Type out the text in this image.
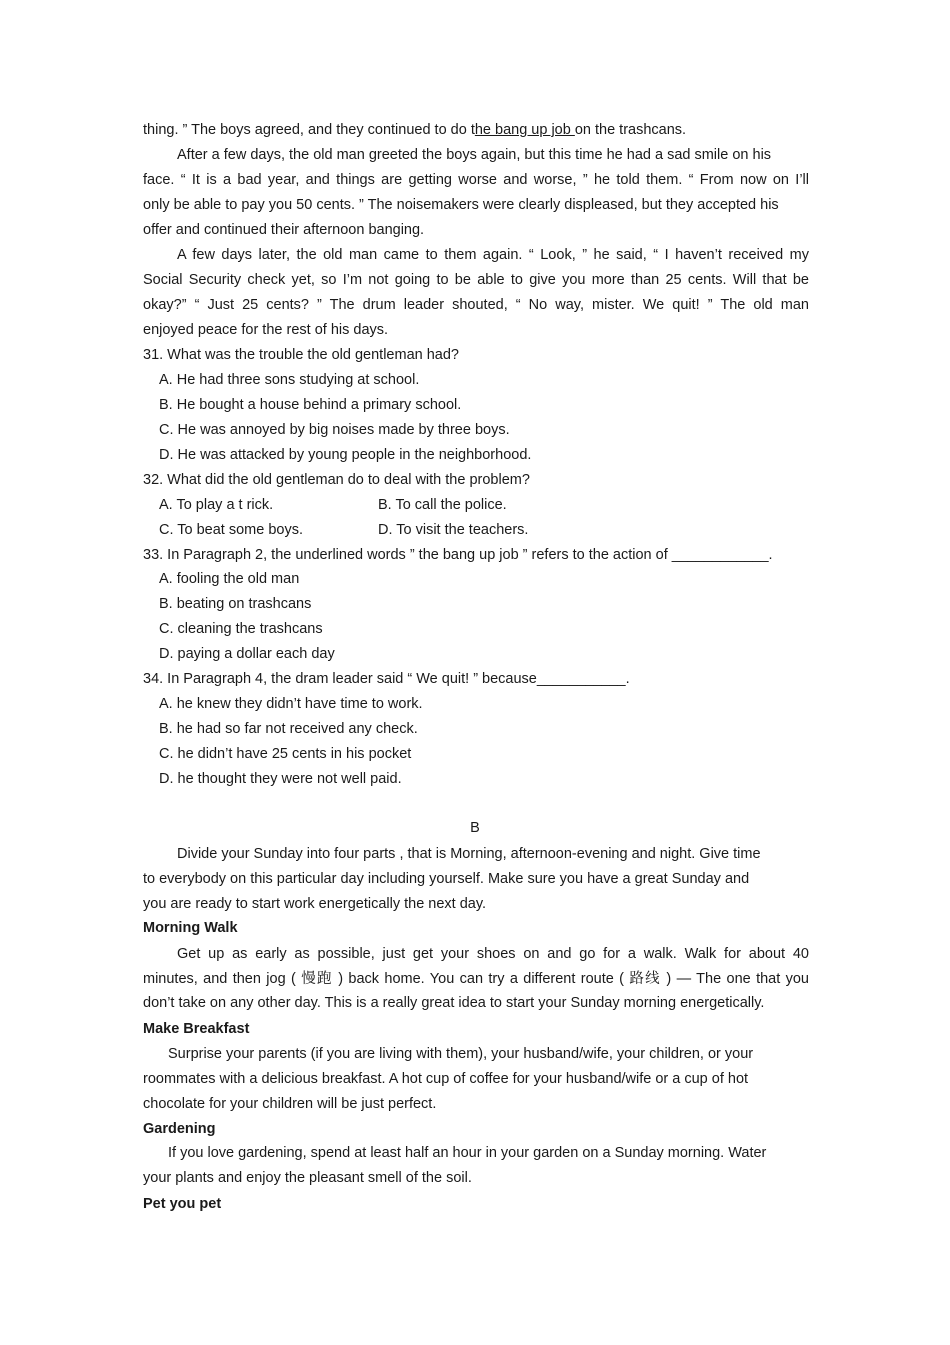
thing. ” The boys agreed, and they continued to do the bang up job on the trashcans.
After a few days, the old man greeted the boys again, but this time he had a sad smile on his
face. “ It is a bad year, and things are getting worse and worse, ” he told them. “ From now on I’ll
only be able to pay you 50 cents. ” The noisemakers were clearly displeased, but they accepted his
offer and continued their afternoon banging.
A few days later, the old man came to them again. “ Look, ” he said, “ I haven’t received my
Social Security check yet, so I’m not going to be able to give you more than 25 cents. Will that be
okay?” “ Just 25 cents? ” The drum leader shouted, “ No way, mister. We quit! ” The old man
enjoyed peace for the rest of his days.
31. What was the trouble the old gentleman had?
A. He had three sons studying at school.
B. He bought a house behind a primary school.
C. He was annoyed by big noises made by three boys.
D. He was attacked by young people in the neighborhood.
32. What did the old gentleman do to deal with the problem?
A. To play a t rick.	B. To call the police.
C. To beat some boys.	D. To visit the teachers.
33. In Paragraph 2, the underlined words ” the bang up job ” refers to the action of ____________.
A. fooling the old man
B. beating on trashcans
C. cleaning the trashcans
D. paying a dollar each day
34. In Paragraph 4, the dram leader said “ We quit! ” because___________.
A. he knew they didn’t have time to work.
B. he had so far not received any check.
C. he didn’t have 25 cents in his pocket
D. he thought they were not well paid.
B
Divide your Sunday into four parts , that is Morning, afternoon-evening and night. Give time
to everybody on this particular day including yourself. Make sure you have a great Sunday and
you are ready to start work energetically the next day.
Morning Walk
Get up as early as possible, just get your shoes on and go for a walk. Walk for about 40
minutes, and then jog ( 慢跑 ) back home. You can try a different route ( 路线 ) — The one that you
don’t take on any other day. This is a really great idea to start your Sunday morning energetically.
Make Breakfast
Surprise your parents (if you are living with them), your husband/wife, your children, or your
roommates with a delicious breakfast. A hot cup of coffee for your husband/wife or a cup of hot
chocolate for your children will be just perfect.
Gardening
If you love gardening, spend at least half an hour in your garden on a Sunday morning. Water
your plants and enjoy the pleasant smell of the soil.
Pet you pet
